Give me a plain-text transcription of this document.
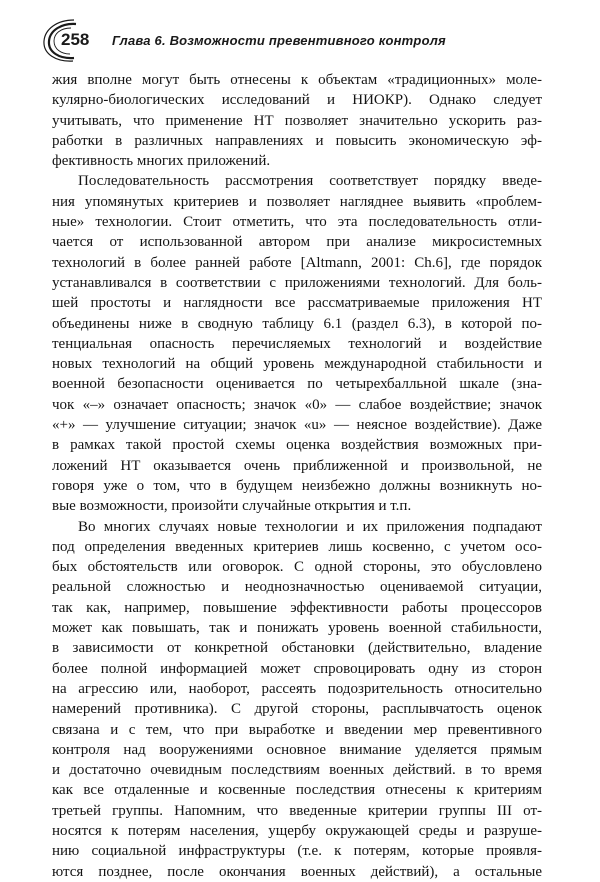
258 Глава 6. Возможности превентивного контроля

жия вполне могут быть отнесены к объектам «традиционных» моле-
кулярно-биологических исследований и НИОКР). Однако следует
учитывать, что применение НТ позволяет значительно ускорить раз-
работки в различных направлениях и повысить экономическую эф-
фективность многих приложений.

Последовательность рассмотрения соответствует порядку введе-
ния упомянутых критериев и позволяет нагляднее выявить «проблем-
ные» технологии. Стоит отметить, что эта последовательность отли-
чается от использованной автором при анализе микросистемных
технологий в более ранней работе [Altmann, 2001: Ch.6], где порядок
устанавливался в соответствии с приложениями технологий. Для боль-
шей простоты и наглядности все рассматриваемые приложения НТ
объединены ниже в сводную таблицу 6.1 (раздел 6.3), в которой по-
тенциальная опасность перечисляемых технологий и воздействие
новых технологий на общий уровень международной стабильности и
военной безопасности оценивается по четырехбалльной шкале (зна-
чок «–» означает опасность; значок «0» — слабое воздействие; значок
«+» — улучшение ситуации; значок «u» — неясное воздействие). Даже
в рамках такой простой схемы оценка воздействия возможных при-
ложений НТ оказывается очень приближенной и произвольной, не
говоря уже о том, что в будущем неизбежно должны возникнуть но-
вые возможности, произойти случайные открытия и т.п.

Во многих случаях новые технологии и их приложения подпадают
под определения введенных критериев лишь косвенно, с учетом осо-
бых обстоятельств или оговорок. С одной стороны, это обусловлено
реальной сложностью и неоднозначностью оцениваемой ситуации,
так как, например, повышение эффективности работы процессоров
может как повышать, так и понижать уровень военной стабильности,
в зависимости от конкретной обстановки (действительно, владение
более полной информацией может спровоцировать одну из сторон
на агрессию или, наоборот, рассеять подозрительность относительно
намерений противника). С другой стороны, расплывчатость оценок
связана и с тем, что при выработке и введении мер превентивного
контроля над вооружениями основное внимание уделяется прямым
и достаточно очевидным последствиям военных действий. в то время
как все отдаленные и косвенные последствия отнесены к критериям
третьей группы. Напомним, что введенные критерии группы III от-
носятся к потерям населения, ущербу окружающей среды и разруше-
нию социальной инфраструктуры (т.е. к потерям, которые проявля-
ются позднее, после окончания военных действий), а остальные
